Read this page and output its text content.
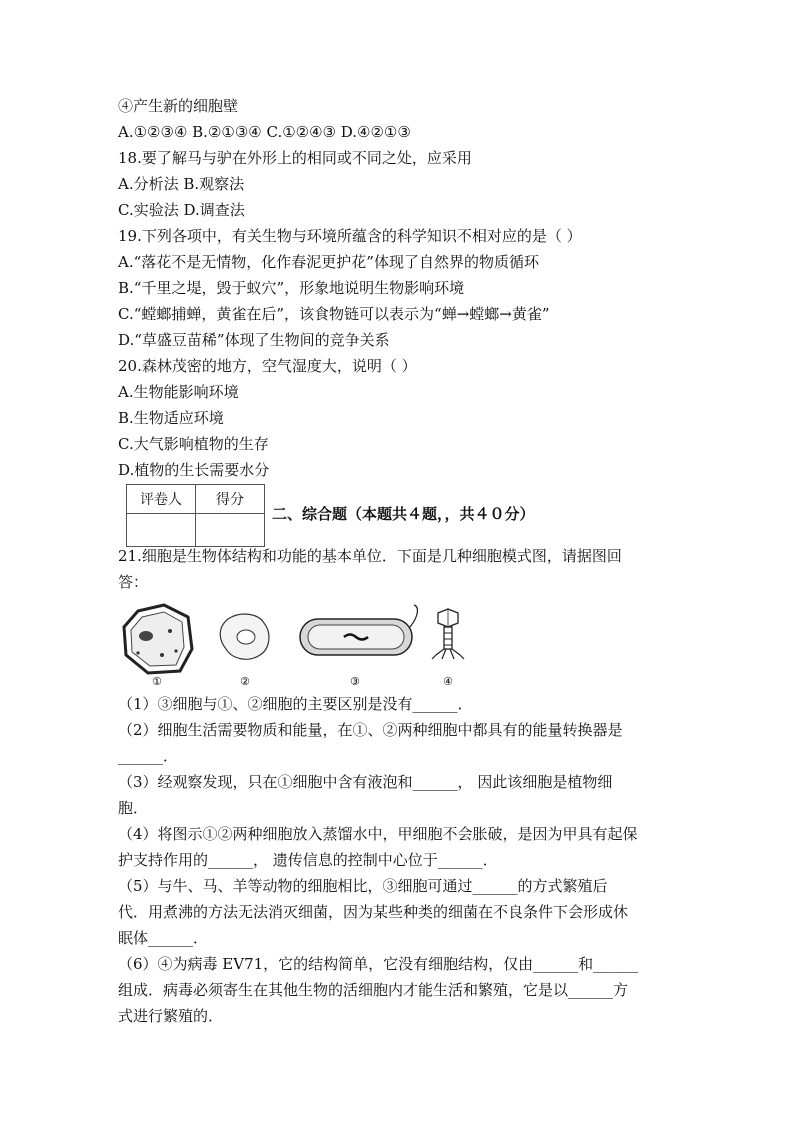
④产生新的细胞壁
A.①②③④ B.②①③④ C.①②④③ D.④②①③
18.要了解马与驴在外形上的相同或不同之处，应采用
A.分析法 B.观察法
C.实验法 D.调查法
19.下列各项中，有关生物与环境所蕴含的科学知识不相对应的是（ ）
A.“落花不是无情物，化作春泥更护花”体现了自然界的物质循环
B.“千里之堤，毁于蚁穴”，形象地说明生物影响环境
C.“螳螂捕蝉，黄雀在后”，该食物链可以表示为“蝉→螳螂→黄雀”
D.“草盛豆苗稀”体现了生物间的竞争关系
20.森林茂密的地方，空气湿度大，说明（ ）
A.生物能影响环境
B.生物适应环境
C.大气影响植物的生存
D.植物的生长需要水分
评卷人	得分

二、综合题（本题共４题，，共４０分）
21.细胞是生物体结构和功能的基本单位．下面是几种细胞模式图，请据图回
答：
①	②	③	④
（1）③细胞与①、②细胞的主要区别是没有______．
（2）细胞生活需要物质和能量，在①、②两种细胞中都具有的能量转换器是
______．
（3）经观察发现，只在①细胞中含有液泡和______， 因此该细胞是植物细
胞．
（4）将图示①②两种细胞放入蒸馏水中，甲细胞不会胀破，是因为甲具有起保
护支持作用的______， 遗传信息的控制中心位于______．
（5）与牛、马、羊等动物的细胞相比，③细胞可通过______的方式繁殖后
代．用煮沸的方法无法消灭细菌，因为某些种类的细菌在不良条件下会形成休
眠体______．
（6）④为病毒 EV71，它的结构简单，它没有细胞结构，仅由______和______
组成．病毒必须寄生在其他生物的活细胞内才能生活和繁殖，它是以______方
式进行繁殖的．
